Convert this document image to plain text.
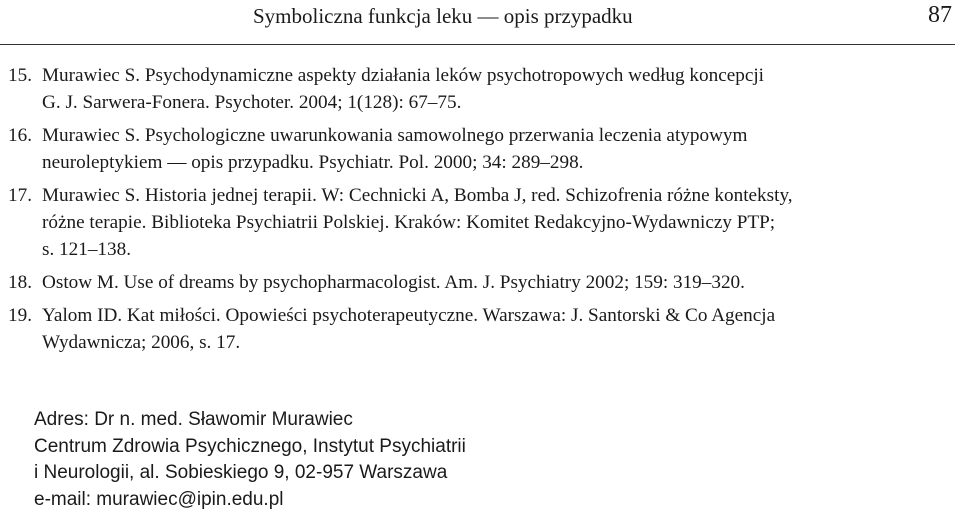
Symboliczna funkcja leku — opis przypadku	87
15. Murawiec S. Psychodynamiczne aspekty działania leków psychotropowych według koncepcji
G. J. Sarwera-Fonera. Psychoter. 2004; 1(128): 67–75.
16. Murawiec S. Psychologiczne uwarunkowania samowolnego przerwania leczenia atypowym
neuroleptykiem — opis przypadku. Psychiatr. Pol. 2000; 34: 289–298.
17. Murawiec S. Historia jednej terapii. W: Cechnicki A, Bomba J, red. Schizofrenia różne konteksty,
różne terapie. Biblioteka Psychiatrii Polskiej. Kraków: Komitet Redakcyjno-Wydawniczy PTP;
s. 121–138.
18. Ostow M. Use of dreams by psychopharmacologist. Am. J. Psychiatry 2002; 159: 319–320.
19. Yalom ID. Kat miłości. Opowieści psychoterapeutyczne. Warszawa: J. Santorski & Co Agencja
Wydawnicza; 2006, s. 17.
Adres: Dr n. med. Sławomir Murawiec
Centrum Zdrowia Psychicznego, Instytut Psychiatrii
i Neurologii, al. Sobieskiego 9, 02-957 Warszawa
e-mail: murawiec@ipin.edu.pl
